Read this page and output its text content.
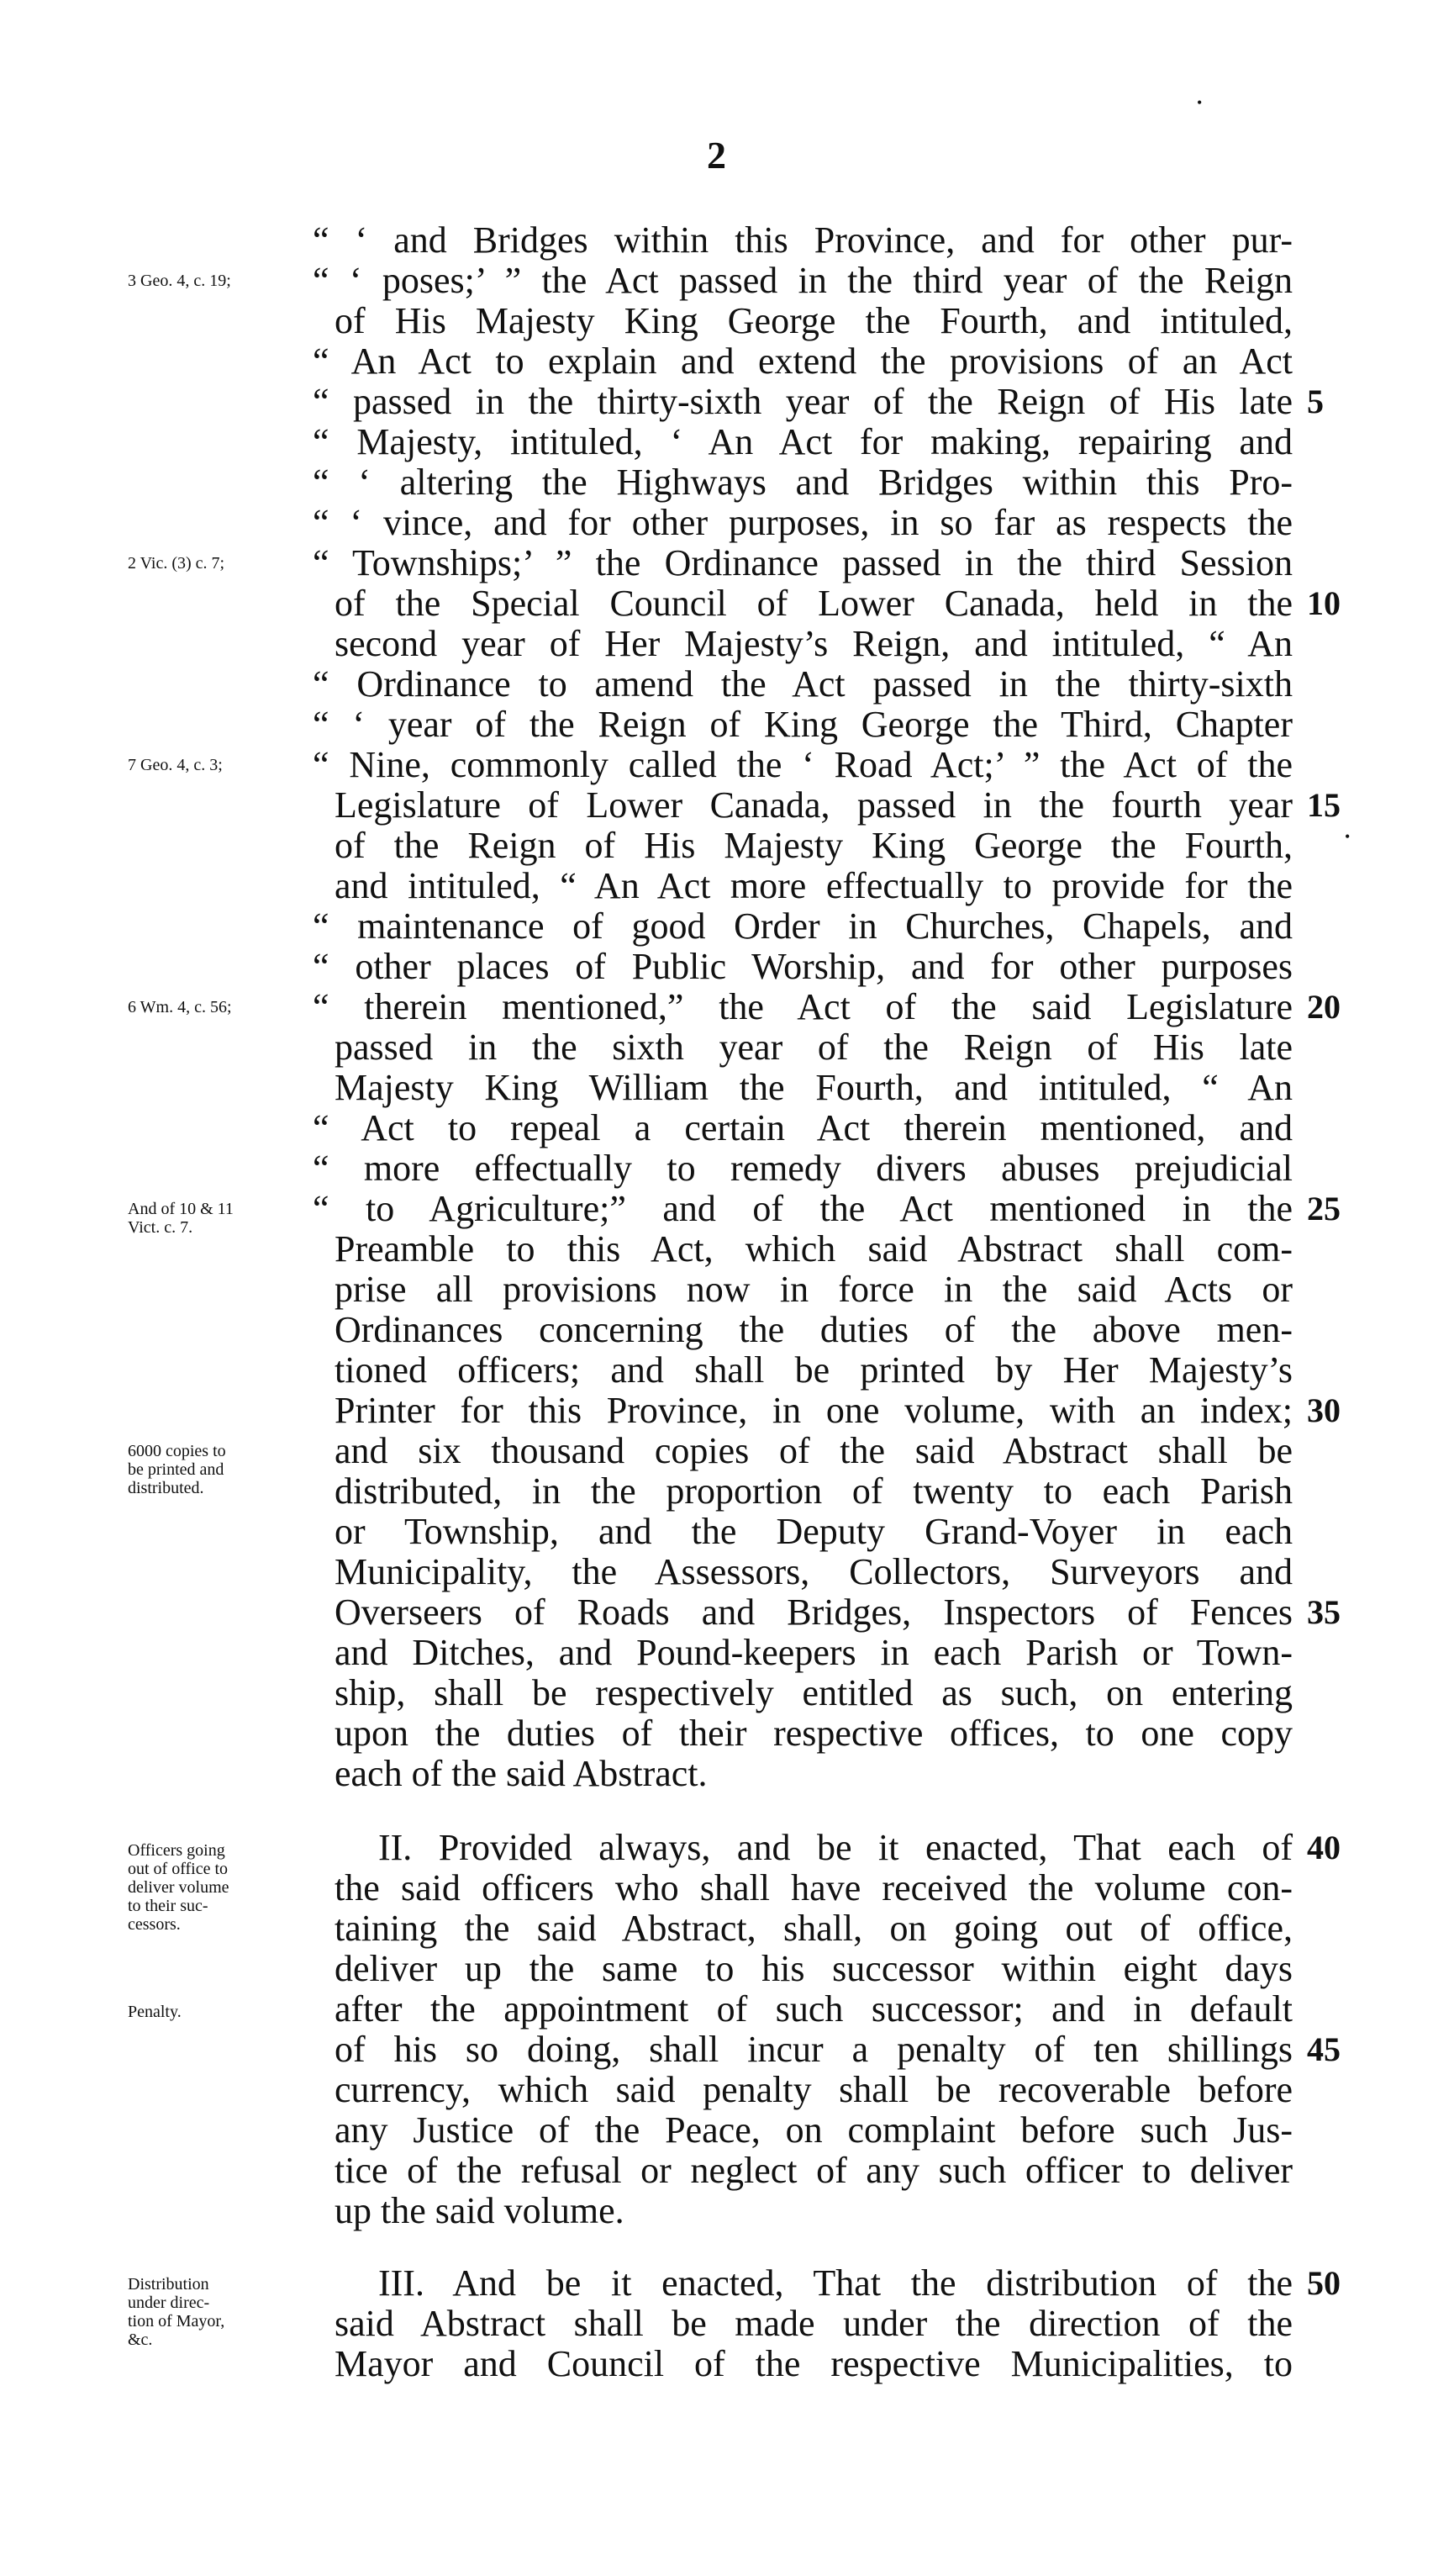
2
“ ‘ and Bridges within this Province, and for other pur-
“ ‘ poses;’ ” the Act passed in the third year of the Reign
of His Majesty King George the Fourth, and intituled,
“ An Act to explain and extend the provisions of an Act
“ passed in the thirty-sixth year of the Reign of His late
“ Majesty, intituled, ‘ An Act for making, repairing and
“ ‘ altering the Highways and Bridges within this Pro-
“ ‘ vince, and for other purposes, in so far as respects the
“ Townships;’ ” the Ordinance passed in the third Session
of the Special Council of Lower Canada, held in the
second year of Her Majesty’s Reign, and intituled, “ An
“ Ordinance to amend the Act passed in the thirty-sixth
“ ‘ year of the Reign of King George the Third, Chapter
“ Nine, commonly called the ‘ Road Act;’ ” the Act of the
Legislature of Lower Canada, passed in the fourth year
of the Reign of His Majesty King George the Fourth,
and intituled, “ An Act more effectually to provide for the
“ maintenance of good Order in Churches, Chapels, and
“ other places of Public Worship, and for other purposes
“ therein mentioned,” the Act of the said Legislature
passed in the sixth year of the Reign of His late
Majesty King William the Fourth, and intituled, “ An
“ Act to repeal a certain Act therein mentioned, and
“ more effectually to remedy divers abuses prejudicial
“ to Agriculture;” and of the Act mentioned in the
Preamble to this Act, which said Abstract shall com-
prise all provisions now in force in the said Acts or
Ordinances concerning the duties of the above men-
tioned officers; and shall be printed by Her Majesty’s
Printer for this Province, in one volume, with an index;
and six thousand copies of the said Abstract shall be
distributed, in the proportion of twenty to each Parish
or Township, and the Deputy Grand-Voyer in each
Municipality, the Assessors, Collectors, Surveyors and
Overseers of Roads and Bridges, Inspectors of Fences
and Ditches, and Pound-keepers in each Parish or Town-
ship, shall be respectively entitled as such, on entering
upon the duties of their respective offices, to one copy
each of the said Abstract.
II. Provided always, and be it enacted, That each of
the said officers who shall have received the volume con-
taining the said Abstract, shall, on going out of office,
deliver up the same to his successor within eight days
after the appointment of such successor; and in default
of his so doing, shall incur a penalty of ten shillings
currency, which said penalty shall be recoverable before
any Justice of the Peace, on complaint before such Jus-
tice of the refusal or neglect of any such officer to deliver
up the said volume.
III. And be it enacted, That the distribution of the
said Abstract shall be made under the direction of the
Mayor and Council of the respective Municipalities, to
5
10
15
20
25
30
35
40
45
50
3 Geo. 4, c. 19;
2 Vic. (3) c. 7;
7 Geo. 4, c. 3;
6 Wm. 4, c. 56;
And of 10 & 11
Vict. c. 7.
6000 copies to
be printed and
distributed.
Officers going
out of office to
deliver volume
to their suc-
cessors.
Penalty.
Distribution
under direc-
tion of Mayor,
&c.
•
•
